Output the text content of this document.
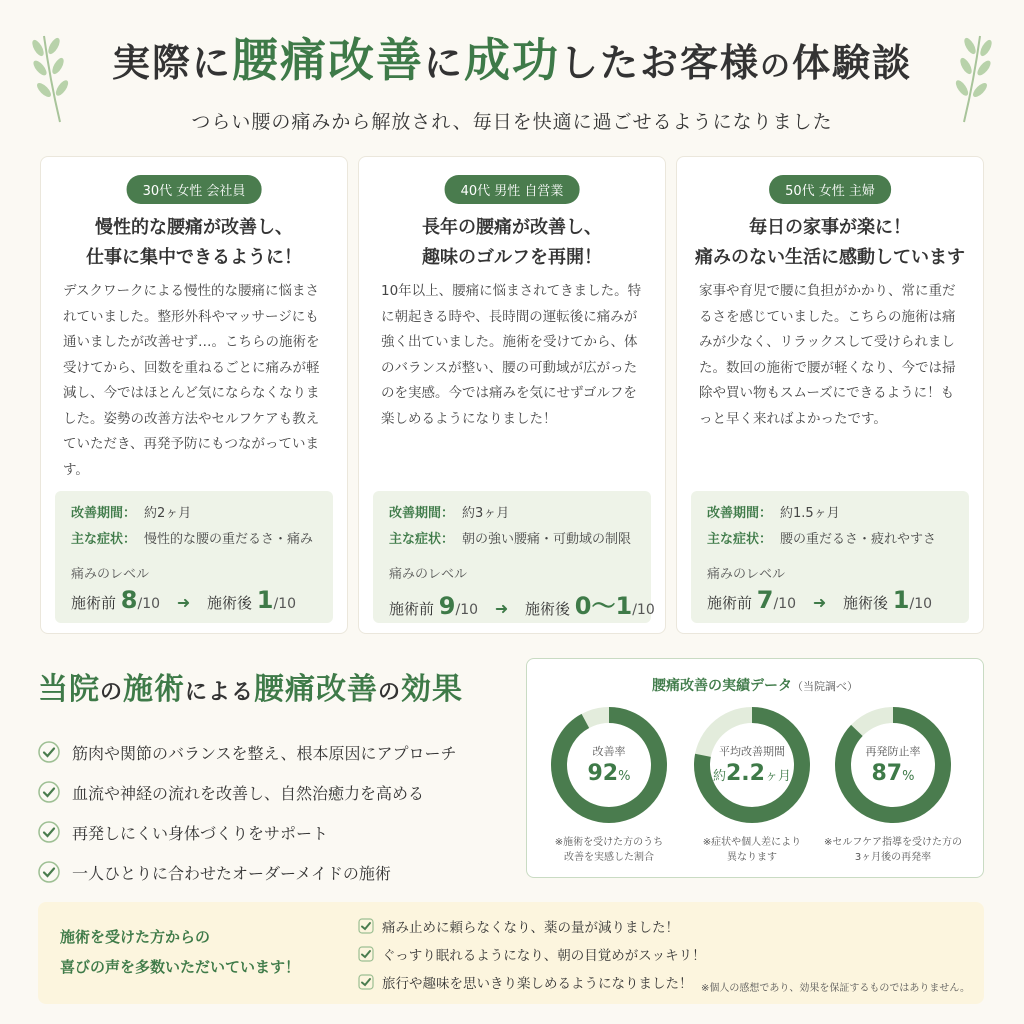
実際に腰痛改善に成功したお客様の体験談

つらい腰の痛みから解放され、毎日を快適に過ごせるようになりました

30代 女性 会社員
慢性的な腰痛が改善し、
仕事に集中できるように！

デスクワークによる慢性的な腰痛に悩まされていました。整形外科やマッサージにも通いましたが改善せず…。こちらの施術を受けてから、回数を重ねるごとに痛みが軽減し、今ではほとんど気にならなくなりました。姿勢の改善方法やセルフケアも教えていただき、再発予防にもつながっています。

改善期間： 約2ヶ月
主な症状： 慢性的な腰の重だるさ・痛み
痛みのレベル
施術前 8/10 ➜ 施術後 1/10
40代 男性 自営業
長年の腰痛が改善し、
趣味のゴルフを再開！

10年以上、腰痛に悩まされてきました。特に朝起きる時や、長時間の運転後に痛みが強く出ていました。施術を受けてから、体のバランスが整い、腰の可動域が広がったのを実感。今では痛みを気にせずゴルフを楽しめるようになりました！

改善期間： 約3ヶ月
主な症状： 朝の強い腰痛・可動域の制限
痛みのレベル
施術前 9/10 ➜ 施術後 0〜1/10
50代 女性 主婦
毎日の家事が楽に！
痛みのない生活に感動しています

家事や育児で腰に負担がかかり、常に重だるさを感じていました。こちらの施術は痛みが少なく、リラックスして受けられました。数回の施術で腰が軽くなり、今では掃除や買い物もスムーズにできるように！もっと早く来ればよかったです。

改善期間： 約1.5ヶ月
主な症状： 腰の重だるさ・疲れやすさ
痛みのレベル
施術前 7/10 ➜ 施術後 1/10
当院の施術による腰痛改善の効果
筋肉や関節のバランスを整え、根本原因にアプローチ
血流や神経の流れを改善し、自然治癒力を高める
再発しにくい身体づくりをサポート
一人ひとりに合わせたオーダーメイドの施術
腰痛改善の実績データ（当院調べ）
改善率
92%
※施術を受けた方のうち
改善を実感した割合
平均改善期間
約2.2ヶ月
※症状や個人差により
異なります
再発防止率
87%
※セルフケア指導を受けた方の
3ヶ月後の再発率
施術を受けた方からの
喜びの声を多数いただいています！
痛み止めに頼らなくなり、薬の量が減りました！
ぐっすり眠れるようになり、朝の目覚めがスッキリ！
旅行や趣味を思いきり楽しめるようになりました！ ※個人の感想であり、効果を保証するものではありません。
